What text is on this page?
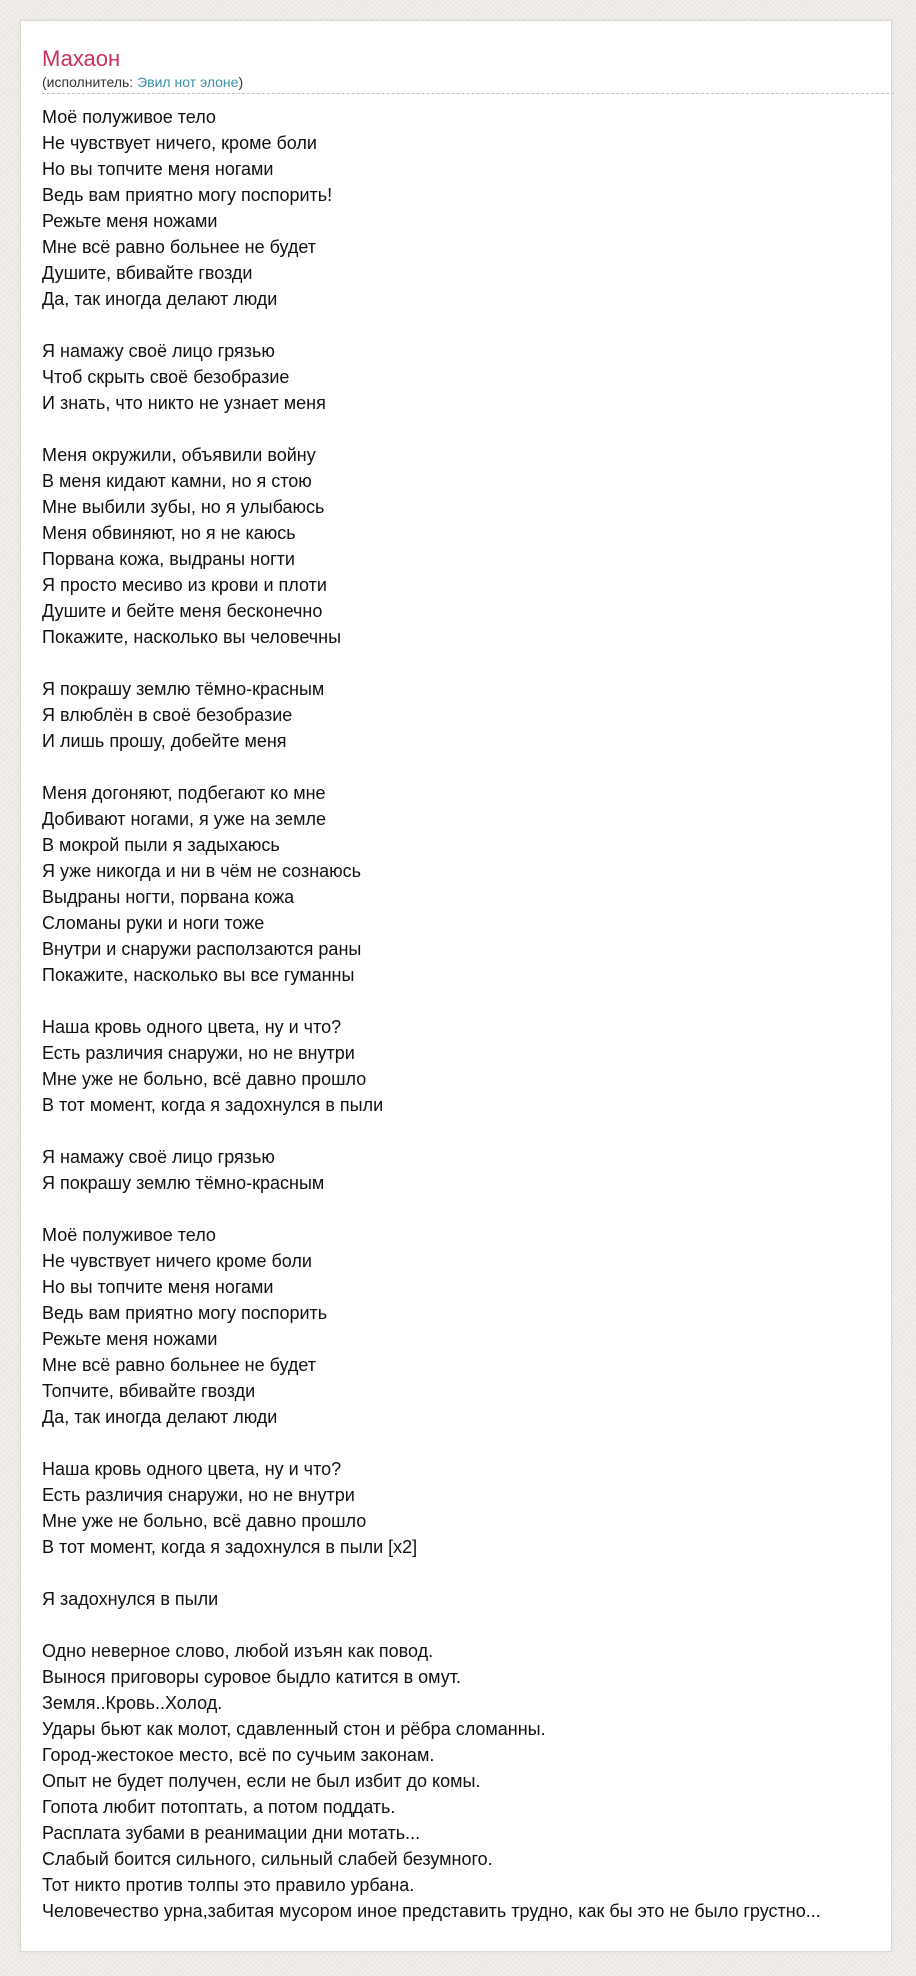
Махаон
(исполнитель: Эвил нот элоне)
Моё полуживое тело
Не чувствует ничего, кроме боли
Но вы топчите меня ногами
Ведь вам приятно могу поспорить!
Режьте меня ножами
Мне всё равно больнее не будет
Душите, вбивайте гвозди
Да, так иногда делают люди
Я намажу своё лицо грязью
Чтоб скрыть своё безобразие
И знать, что никто не узнает меня
Меня окружили, объявили войну
В меня кидают камни, но я стою
Мне выбили зубы, но я улыбаюсь
Меня обвиняют, но я не каюсь
Порвана кожа, выдраны ногти
Я просто месиво из крови и плоти
Душите и бейте меня бесконечно
Покажите, насколько вы человечны
Я покрашу землю тёмно-красным
Я влюблён в своё безобразие
И лишь прошу, добейте меня
Меня догоняют, подбегают ко мне
Добивают ногами, я уже на земле
В мокрой пыли я задыхаюсь
Я уже никогда и ни в чём не сознаюсь
Выдраны ногти, порвана кожа
Сломаны руки и ноги тоже
Внутри и снаружи расползаются раны
Покажите, насколько вы все гуманны
Наша кровь одного цвета, ну и что?
Есть различия снаружи, но не внутри
Мне уже не больно, всё давно прошло
В тот момент, когда я задохнулся в пыли
Я намажу своё лицо грязью
Я покрашу землю тёмно-красным
Моё полуживое тело
Не чувствует ничего кроме боли
Но вы топчите меня ногами
Ведь вам приятно могу поспорить
Режьте меня ножами
Мне всё равно больнее не будет
Топчите, вбивайте гвозди
Да, так иногда делают люди
Наша кровь одного цвета, ну и что?
Есть различия снаружи, но не внутри
Мне уже не больно, всё давно прошло
В тот момент, когда я задохнулся в пыли [x2]
Я задохнулся в пыли
Одно неверное слово, любой изъян как повод.
Вынося приговоры суровое быдло катится в омут.
Земля..Кровь..Холод.
Удары бьют как молот, сдавленный стон и рёбра сломанны.
Город-жестокое место, всё по сучьим законам.
Опыт не будет получен, если не был избит до комы.
Гопота любит потоптать, а потом поддать.
Расплата зубами в реанимации дни мотать...
Слабый боится сильного, сильный слабей безумного.
Тот никто против толпы это правило урбана.
Человечество урна,забитая мусором иное представить трудно, как бы это не было грустно...
